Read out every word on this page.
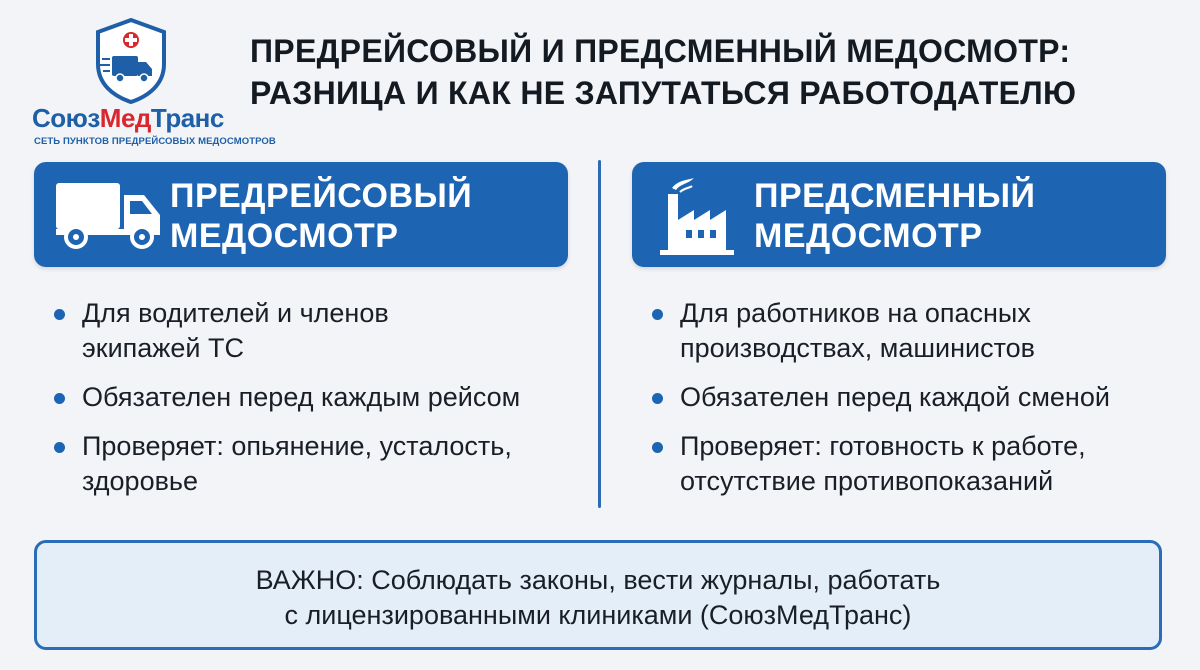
СоюзМедТранс
СЕТЬ ПУНКТОВ ПРЕДРЕЙСОВЫХ МЕДОСМОТРОВ
ПРЕДРЕЙСОВЫЙ И ПРЕДСМЕННЫЙ МЕДОСМОТР:
РАЗНИЦА И КАК НЕ ЗАПУТАТЬСЯ РАБОТОДАТЕЛЮ
ПРЕДРЕЙСОВЫЙ
МЕДОСМОТР
ПРЕДСМЕННЫЙ
МЕДОСМОТР
Для водителей и членов
экипажей ТС
Обязателен перед каждым рейсом
Проверяет: опьянение, усталость,
здоровье
Для работников на опасных
производствах, машинистов
Обязателен перед каждой сменой
Проверяет: готовность к работе,
отсутствие противопоказаний
ВАЖНО: Соблюдать законы, вести журналы, работать
с лицензированными клиниками (СоюзМедТранс)
